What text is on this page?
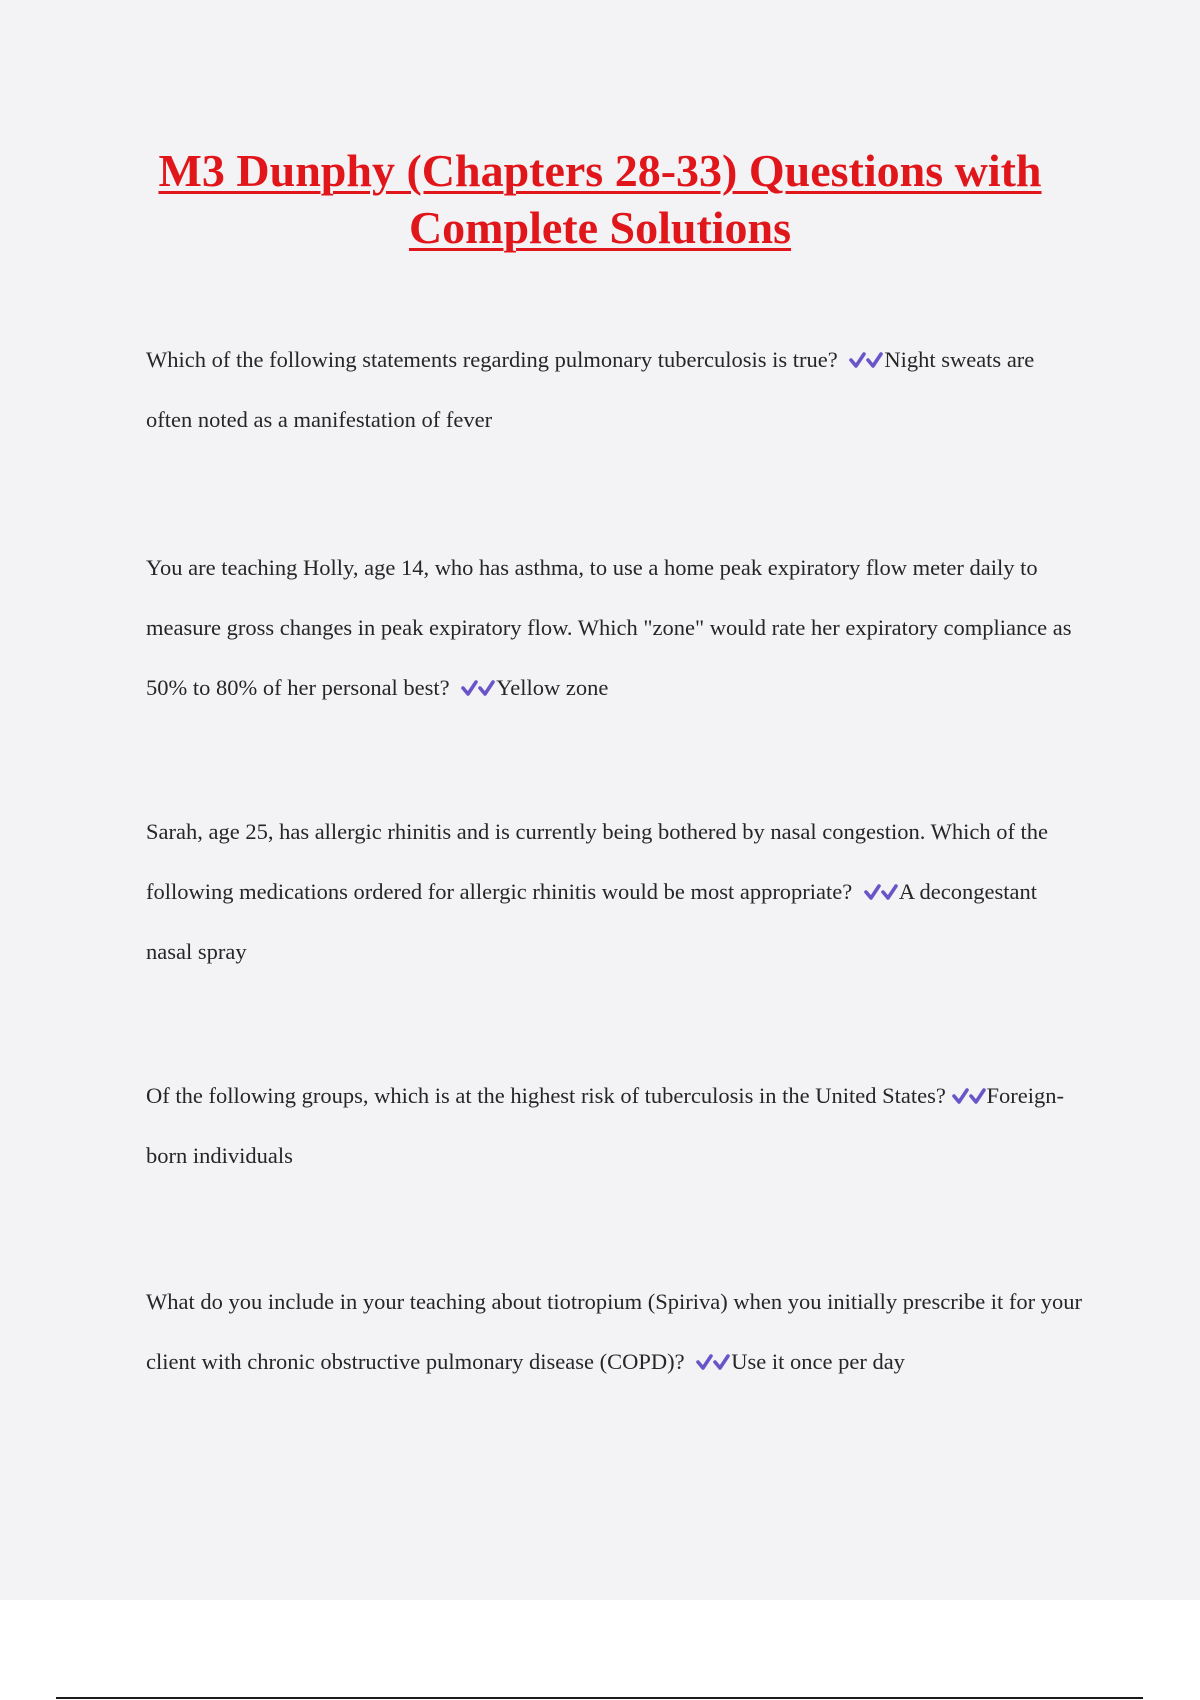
M3 Dunphy (Chapters 28-33) Questions with Complete Solutions

Which of the following statements regarding pulmonary tuberculosis is true? Night sweats are often noted as a manifestation of fever

You are teaching Holly, age 14, who has asthma, to use a home peak expiratory flow meter daily to measure gross changes in peak expiratory flow. Which "zone" would rate her expiratory compliance as 50% to 80% of her personal best? Yellow zone

Sarah, age 25, has allergic rhinitis and is currently being bothered by nasal congestion. Which of the following medications ordered for allergic rhinitis would be most appropriate? A decongestant nasal spray

Of the following groups, which is at the highest risk of tuberculosis in the United States? Foreign-born individuals

What do you include in your teaching about tiotropium (Spiriva) when you initially prescribe it for your client with chronic obstructive pulmonary disease (COPD)? Use it once per day
